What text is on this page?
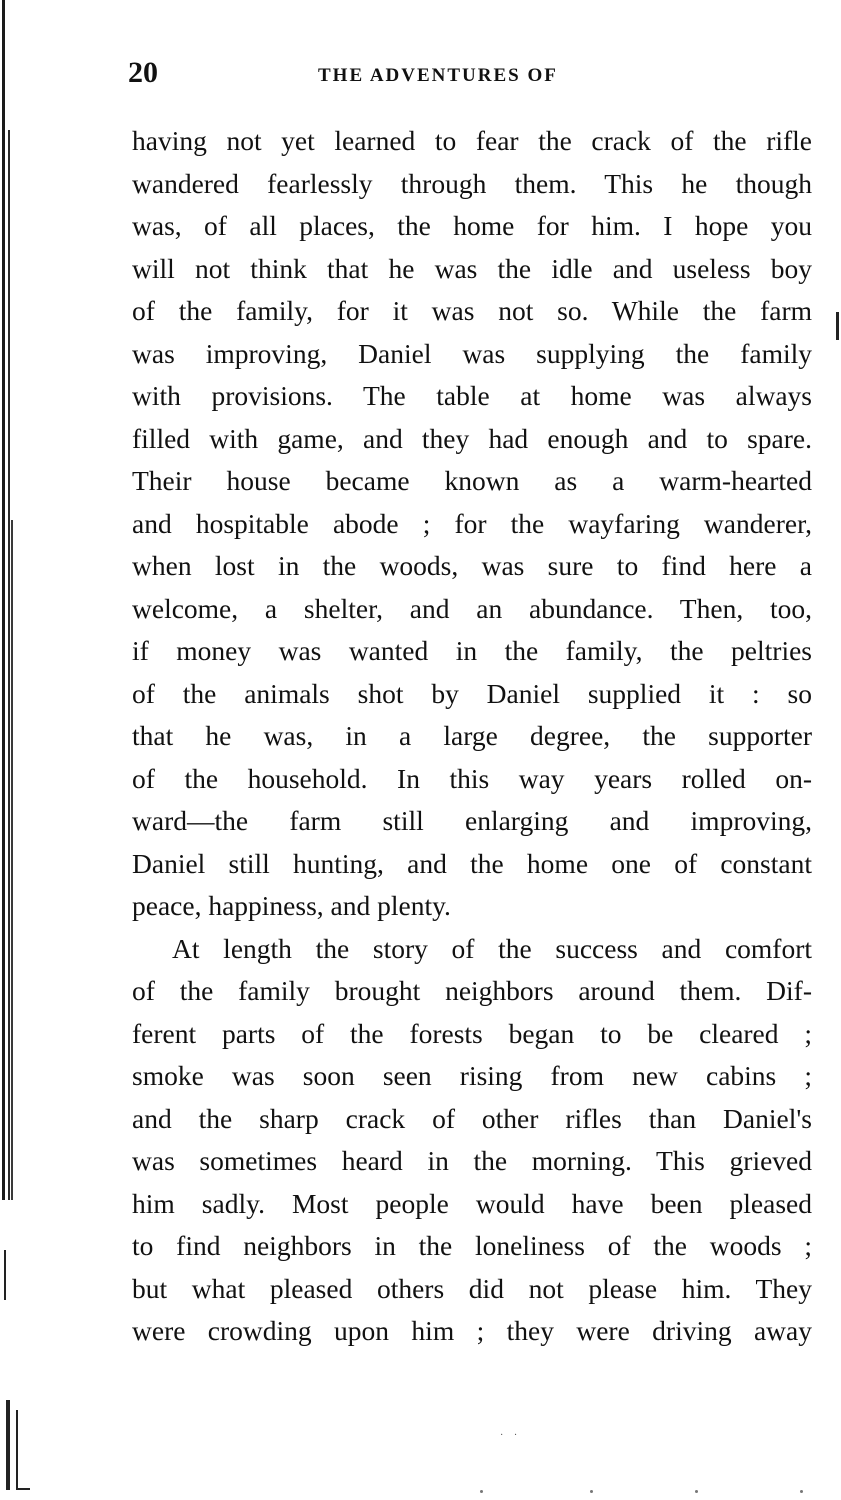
· ·
20	THE ADVENTURES OF
having not yet learned to fear the crack of the rifle
wandered fearlessly through them. This he though
was, of all places, the home for him. I hope you
will not think that he was the idle and useless boy
of the family, for it was not so. While the farm
was improving, Daniel was supplying the family
with provisions. The table at home was always
filled with game, and they had enough and to spare.
Their house became known as a warm-hearted
and hospitable abode ; for the wayfaring wanderer,
when lost in the woods, was sure to find here a
welcome, a shelter, and an abundance. Then, too,
if money was wanted in the family, the peltries
of the animals shot by Daniel supplied it : so
that he was, in a large degree, the supporter
of the household. In this way years rolled on-
ward—the farm still enlarging and improving,
Daniel still hunting, and the home one of constant
peace, happiness, and plenty.
At length the story of the success and comfort
of the family brought neighbors around them. Dif-
ferent parts of the forests began to be cleared ;
smoke was soon seen rising from new cabins ;
and the sharp crack of other rifles than Daniel's
was sometimes heard in the morning. This grieved
him sadly. Most people would have been pleased
to find neighbors in the loneliness of the woods ;
but what pleased others did not please him. They
were crowding upon him ; they were driving away
